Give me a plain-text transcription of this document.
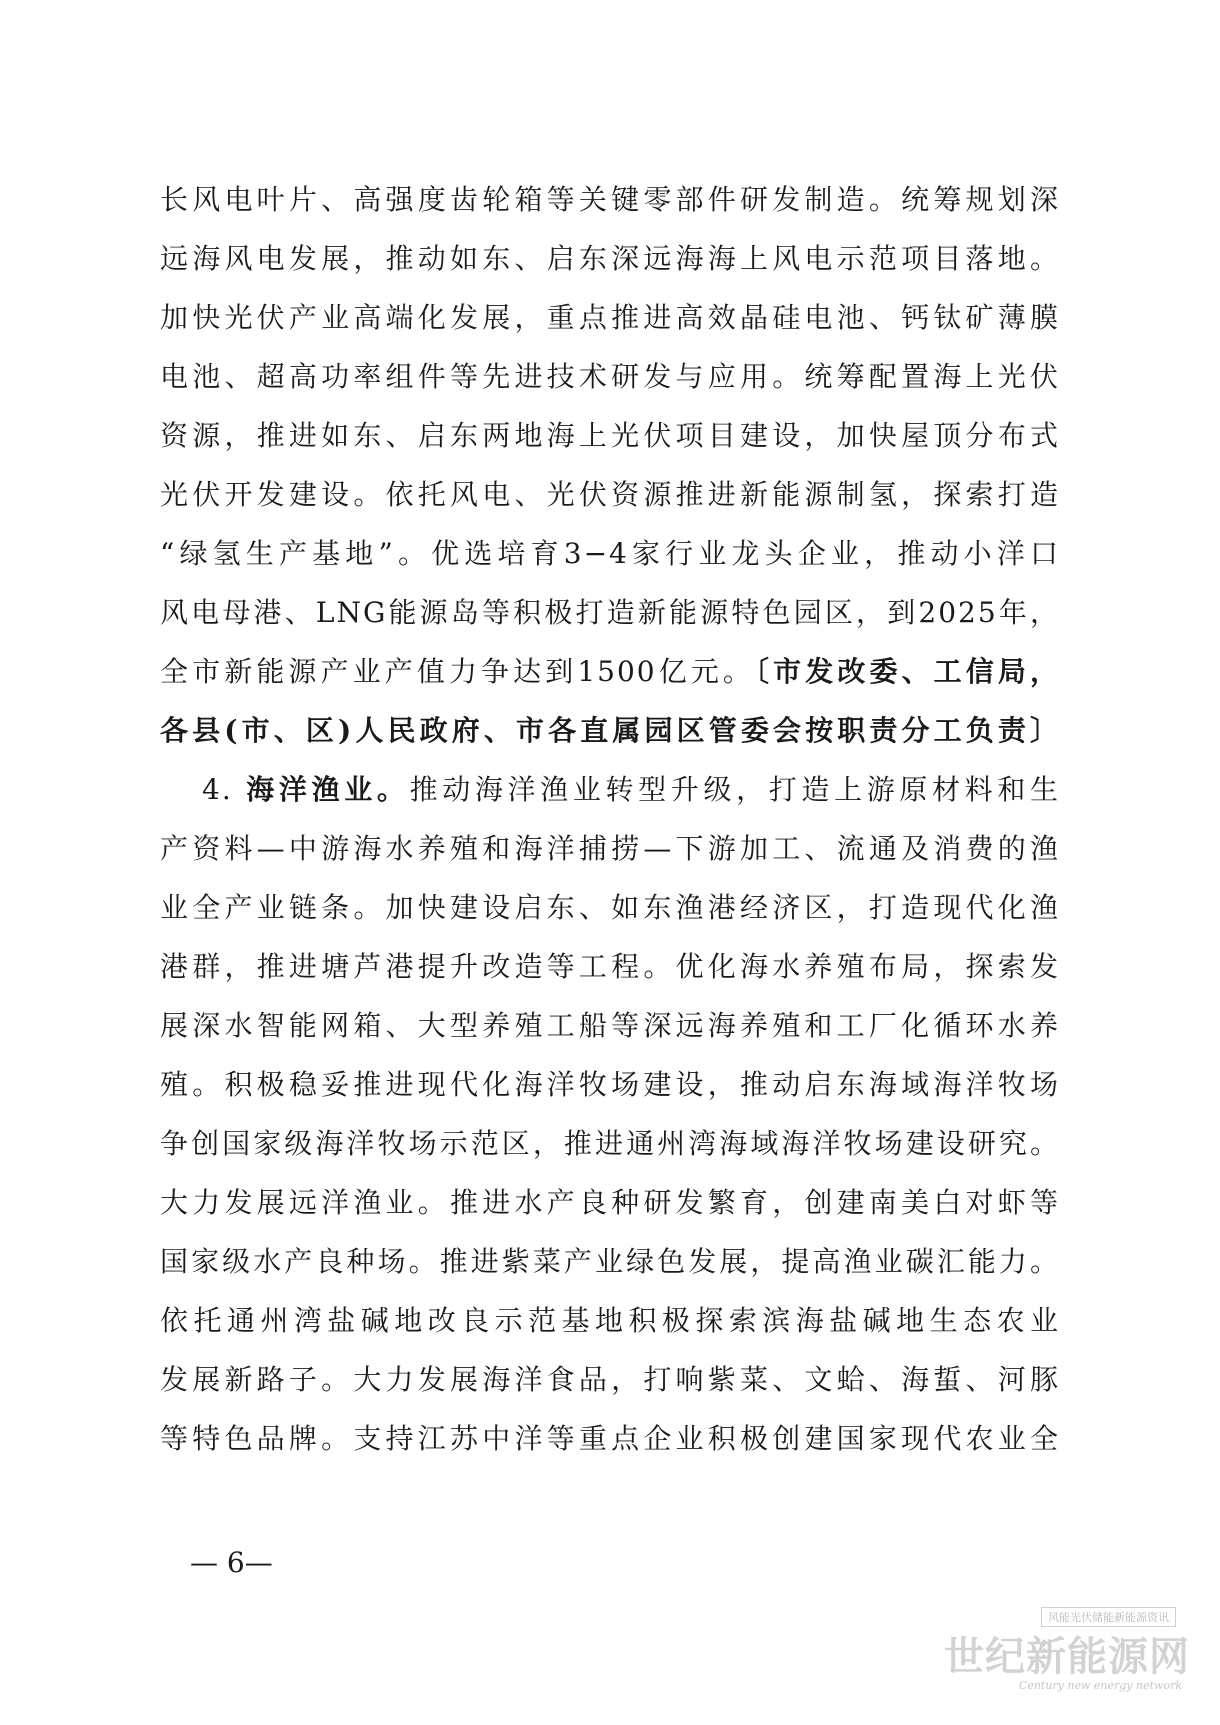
长风电叶片、高强度齿轮箱等关键零部件研发制造。统筹规划深
远海风电发展，推动如东、启东深远海海上风电示范项目落地。
加快光伏产业高端化发展，重点推进高效晶硅电池、钙钛矿薄膜
电池、超高功率组件等先进技术研发与应用。统筹配置海上光伏
资源，推进如东、启东两地海上光伏项目建设，加快屋顶分布式
光伏开发建设。依托风电、光伏资源推进新能源制氢，探索打造
“绿氢生产基地”。优选培育3−4家行业龙头企业，推动小洋口
风电母港、LNG能源岛等积极打造新能源特色园区，到2025年，
全市新能源产业产值力争达到1500亿元。〔市发改委、工信局，
各县(市、区)人民政府、市各直属园区管委会按职责分工负责〕
4. 海洋渔业。推动海洋渔业转型升级，打造上游原材料和生
产资料—中游海水养殖和海洋捕捞—下游加工、流通及消费的渔
业全产业链条。加快建设启东、如东渔港经济区，打造现代化渔
港群，推进塘芦港提升改造等工程。优化海水养殖布局，探索发
展深水智能网箱、大型养殖工船等深远海养殖和工厂化循环水养
殖。积极稳妥推进现代化海洋牧场建设，推动启东海域海洋牧场
争创国家级海洋牧场示范区，推进通州湾海域海洋牧场建设研究。
大力发展远洋渔业。推进水产良种研发繁育，创建南美白对虾等
国家级水产良种场。推进紫菜产业绿色发展，提高渔业碳汇能力。
依托通州湾盐碱地改良示范基地积极探索滨海盐碱地生态农业
发展新路子。大力发展海洋食品，打响紫菜、文蛤、海蜇、河豚
等特色品牌。支持江苏中洋等重点企业积极创建国家现代农业全
— 6—
风能光伏储能新能源资讯
世纪新能源网
Century new energy network
